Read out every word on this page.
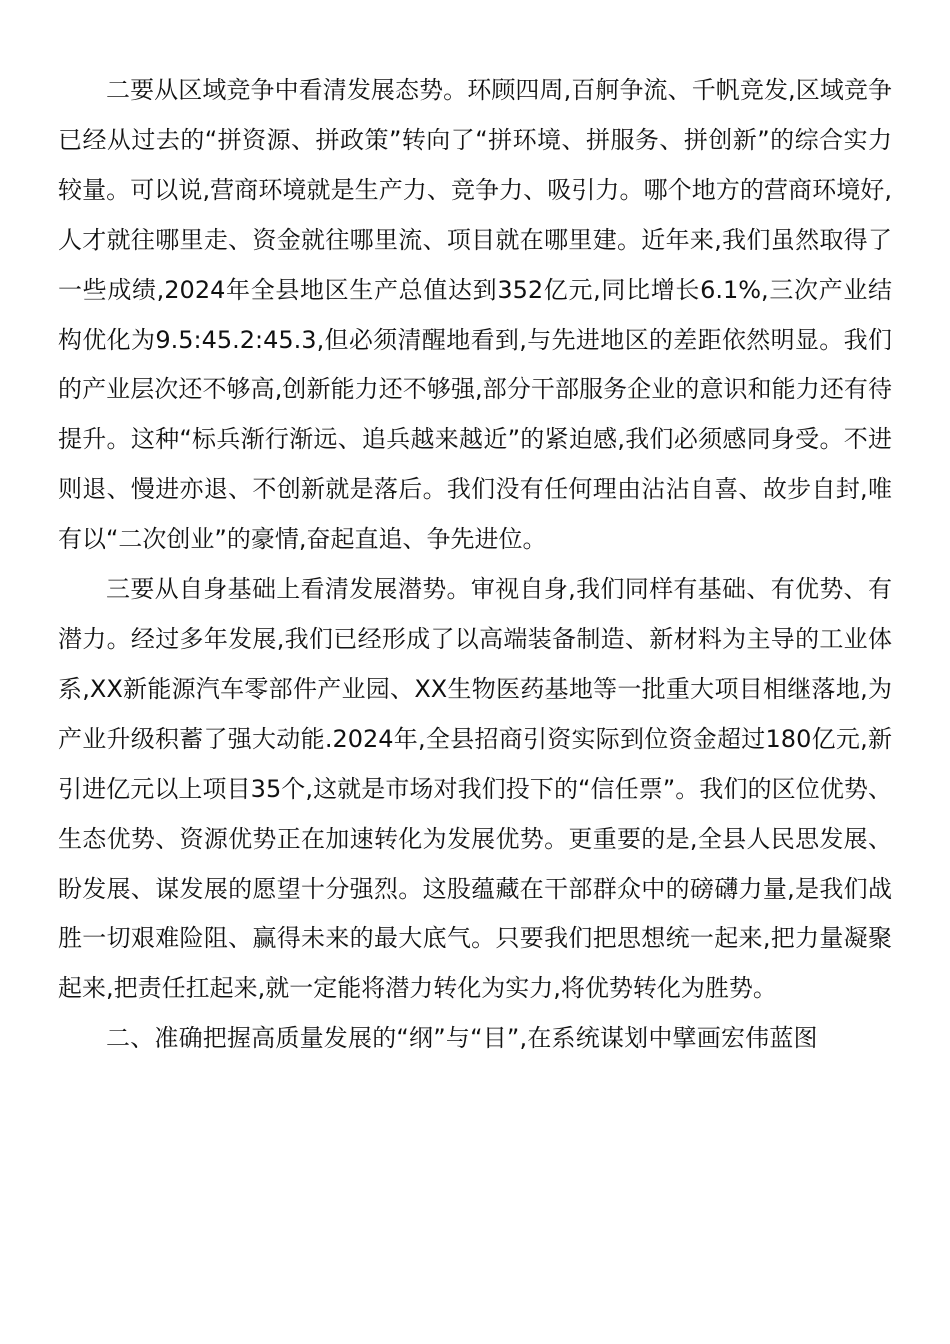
二要从区域竞争中看清发展态势。环顾四周,百舸争流、千帆竞发,区域竞争已经从过去的“拼资源、拼政策”转向了“拼环境、拼服务、拼创新”的综合实力较量。可以说,营商环境就是生产力、竞争力、吸引力。哪个地方的营商环境好,人才就往哪里走、资金就往哪里流、项目就在哪里建。近年来,我们虽然取得了一些成绩,2024年全县地区生产总值达到352亿元,同比增长6.1%,三次产业结构优化为9.5:45.2:45.3,但必须清醒地看到,与先进地区的差距依然明显。我们的产业层次还不够高,创新能力还不够强,部分干部服务企业的意识和能力还有待提升。这种“标兵渐行渐远、追兵越来越近”的紧迫感,我们必须感同身受。不进则退、慢进亦退、不创新就是落后。我们没有任何理由沾沾自喜、故步自封,唯有以“二次创业”的豪情,奋起直追、争先进位。

三要从自身基础上看清发展潜势。审视自身,我们同样有基础、有优势、有潜力。经过多年发展,我们已经形成了以高端装备制造、新材料为主导的工业体系,XX新能源汽车零部件产业园、XX生物医药基地等一批重大项目相继落地,为产业升级积蓄了强大动能.2024年,全县招商引资实际到位资金超过180亿元,新引进亿元以上项目35个,这就是市场对我们投下的“信任票”。我们的区位优势、生态优势、资源优势正在加速转化为发展优势。更重要的是,全县人民思发展、盼发展、谋发展的愿望十分强烈。这股蕴藏在干部群众中的磅礴力量,是我们战胜一切艰难险阻、赢得未来的最大底气。只要我们把思想统一起来,把力量凝聚起来,把责任扛起来,就一定能将潜力转化为实力,将优势转化为胜势。

二、准确把握高质量发展的“纲”与“目”,在系统谋划中擘画宏伟蓝图
